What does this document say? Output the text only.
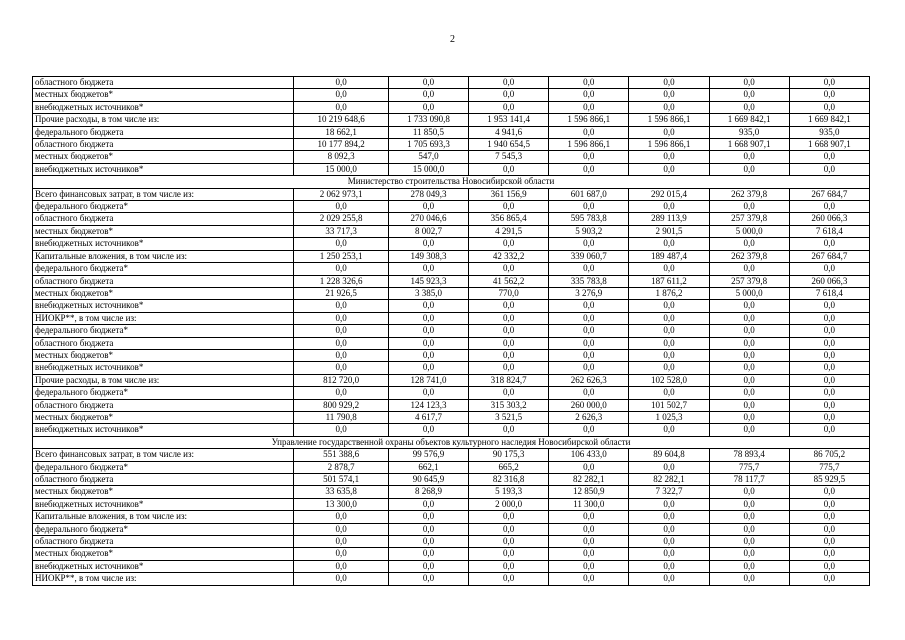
2
областного бюджета	0,0	0,0	0,0	0,0	0,0	0,0	0,0
местных бюджетов*	0,0	0,0	0,0	0,0	0,0	0,0	0,0
внебюджетных источников*	0,0	0,0	0,0	0,0	0,0	0,0	0,0
Прочие расходы, в том числе из:	10 219 648,6	1 733 090,8	1 953 141,4	1 596 866,1	1 596 866,1	1 669 842,1	1 669 842,1
федерального бюджета	18 662,1	11 850,5	4 941,6	0,0	0,0	935,0	935,0
областного бюджета	10 177 894,2	1 705 693,3	1 940 654,5	1 596 866,1	1 596 866,1	1 668 907,1	1 668 907,1
местных бюджетов*	8 092,3	547,0	7 545,3	0,0	0,0	0,0	0,0
внебюджетных источников*	15 000,0	15 000,0	0,0	0,0	0,0	0,0	0,0
Министерство строительства Новосибирской области							
Всего финансовых затрат, в том числе из:	2 062 973,1	278 049,3	361 156,9	601 687,0	292 015,4	262 379,8	267 684,7
федерального бюджета*	0,0	0,0	0,0	0,0	0,0	0,0	0,0
областного бюджета	2 029 255,8	270 046,6	356 865,4	595 783,8	289 113,9	257 379,8	260 066,3
местных бюджетов*	33 717,3	8 002,7	4 291,5	5 903,2	2 901,5	5 000,0	7 618,4
внебюджетных источников*	0,0	0,0	0,0	0,0	0,0	0,0	0,0
Капитальные вложения, в том числе из:	1 250 253,1	149 308,3	42 332,2	339 060,7	189 487,4	262 379,8	267 684,7
федерального бюджета*	0,0	0,0	0,0	0,0	0,0	0,0	0,0
областного бюджета	1 228 326,6	145 923,3	41 562,2	335 783,8	187 611,2	257 379,8	260 066,3
местных бюджетов*	21 926,5	3 385,0	770,0	3 276,9	1 876,2	5 000,0	7 618,4
внебюджетных источников*	0,0	0,0	0,0	0,0	0,0	0,0	0,0
НИОКР**, в том числе из:	0,0	0,0	0,0	0,0	0,0	0,0	0,0
федерального бюджета*	0,0	0,0	0,0	0,0	0,0	0,0	0,0
областного бюджета	0,0	0,0	0,0	0,0	0,0	0,0	0,0
местных бюджетов*	0,0	0,0	0,0	0,0	0,0	0,0	0,0
внебюджетных источников*	0,0	0,0	0,0	0,0	0,0	0,0	0,0
Прочие расходы, в том числе из:	812 720,0	128 741,0	318 824,7	262 626,3	102 528,0	0,0	0,0
федерального бюджета*	0,0	0,0	0,0	0,0	0,0	0,0	0,0
областного бюджета	800 929,2	124 123,3	315 303,2	260 000,0	101 502,7	0,0	0,0
местных бюджетов*	11 790,8	4 617,7	3 521,5	2 626,3	1 025,3	0,0	0,0
внебюджетных источников*	0,0	0,0	0,0	0,0	0,0	0,0	0,0
Управление государственной охраны объектов культурного наследия Новосибирской области							
Всего финансовых затрат, в том числе из:	551 388,6	99 576,9	90 175,3	106 433,0	89 604,8	78 893,4	86 705,2
федерального бюджета*	2 878,7	662,1	665,2	0,0	0,0	775,7	775,7
областного бюджета	501 574,1	90 645,9	82 316,8	82 282,1	82 282,1	78 117,7	85 929,5
местных бюджетов*	33 635,8	8 268,9	5 193,3	12 850,9	7 322,7	0,0	0,0
внебюджетных источников*	13 300,0	0,0	2 000,0	11 300,0	0,0	0,0	0,0
Капитальные вложения, в том числе из:	0,0	0,0	0,0	0,0	0,0	0,0	0,0
федерального бюджета*	0,0	0,0	0,0	0,0	0,0	0,0	0,0
областного бюджета	0,0	0,0	0,0	0,0	0,0	0,0	0,0
местных бюджетов*	0,0	0,0	0,0	0,0	0,0	0,0	0,0
внебюджетных источников*	0,0	0,0	0,0	0,0	0,0	0,0	0,0
НИОКР**, в том числе из:	0,0	0,0	0,0	0,0	0,0	0,0	0,0
